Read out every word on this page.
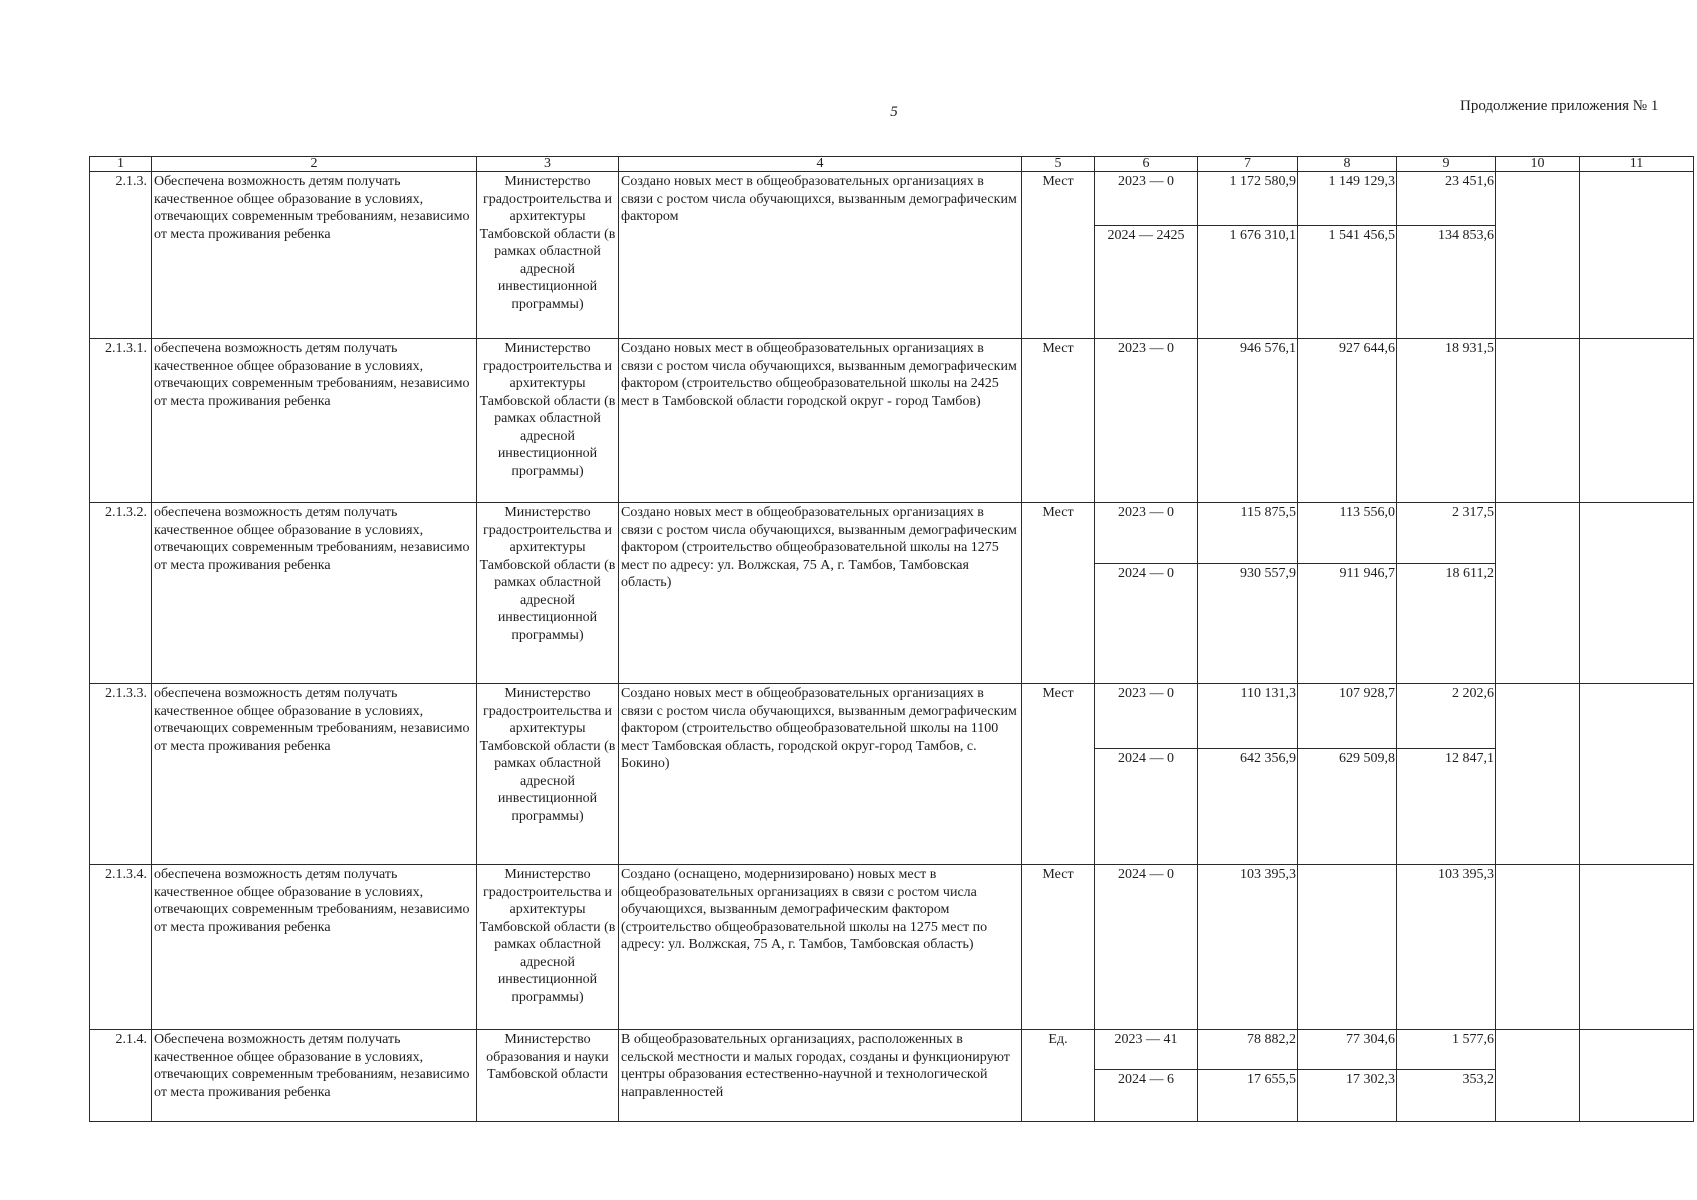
5	Продолжение приложения № 1
1	2	3	4	5	6	7	8	9	10	11
2.1.3.	Обеспечена возможность детям получать качественное общее образование в условиях, отвечающих современным требованиям, независимо от места проживания ребенка	Министерство градостроительства и архитектуры Тамбовской области (в рамках областной адресной инвестиционной программы)	Создано новых мест в общеобразовательных организациях в связи с ростом числа обучающихся, вызванным демографическим фактором	Мест	2023 — 0	1 172 580,9	1 149 129,3	23 451,6		
					2024 — 2425	1 676 310,1	1 541 456,5	134 853,6		
2.1.3.1.	обеспечена возможность детям получать качественное общее образование в условиях, отвечающих современным требованиям, независимо от места проживания ребенка	Министерство градостроительства и архитектуры Тамбовской области (в рамках областной адресной инвестиционной программы)	Создано новых мест в общеобразовательных организациях в связи с ростом числа обучающихся, вызванным демографическим фактором (строительство общеобразовательной школы на 2425 мест в Тамбовской области городской округ - город Тамбов)	Мест	2023 — 0	946 576,1	927 644,6	18 931,5		
2.1.3.2.	обеспечена возможность детям получать качественное общее образование в условиях, отвечающих современным требованиям, независимо от места проживания ребенка	Министерство градостроительства и архитектуры Тамбовской области (в рамках областной адресной инвестиционной программы)	Создано новых мест в общеобразовательных организациях в связи с ростом числа обучающихся, вызванным демографическим фактором (строительство общеобразовательной школы на 1275 мест по адресу: ул. Волжская, 75 А, г. Тамбов, Тамбовская область)	Мест	2023 — 0	115 875,5	113 556,0	2 317,5		
					2024 — 0	930 557,9	911 946,7	18 611,2		
2.1.3.3.	обеспечена возможность детям получать качественное общее образование в условиях, отвечающих современным требованиям, независимо от места проживания ребенка	Министерство градостроительства и архитектуры Тамбовской области (в рамках областной адресной инвестиционной программы)	Создано новых мест в общеобразовательных организациях в связи с ростом числа обучающихся, вызванным демографическим фактором (строительство общеобразовательной школы на 1100 мест Тамбовская область, городской округ-город Тамбов, с. Бокино)	Мест	2023 — 0	110 131,3	107 928,7	2 202,6		
					2024 — 0	642 356,9	629 509,8	12 847,1		
2.1.3.4.	обеспечена возможность детям получать качественное общее образование в условиях, отвечающих современным требованиям, независимо от места проживания ребенка	Министерство градостроительства и архитектуры Тамбовской области (в рамках областной адресной инвестиционной программы)	Создано (оснащено, модернизировано) новых мест в общеобразовательных организациях в связи с ростом числа обучающихся, вызванным демографическим фактором (строительство общеобразовательной школы на 1275 мест по адресу: ул. Волжская, 75 А, г. Тамбов, Тамбовская область)	Мест	2024 — 0	103 395,3		103 395,3		
2.1.4.	Обеспечена возможность детям получать качественное общее образование в условиях, отвечающих современным требованиям, независимо от места проживания ребенка	Министерство образования и науки Тамбовской области	В общеобразовательных организациях, расположенных в сельской местности и малых городах, созданы и функционируют центры образования естественно-научной и технологической направленностей	Ед.	2023 — 41	78 882,2	77 304,6	1 577,6		
					2024 — 6	17 655,5	17 302,3	353,2		
